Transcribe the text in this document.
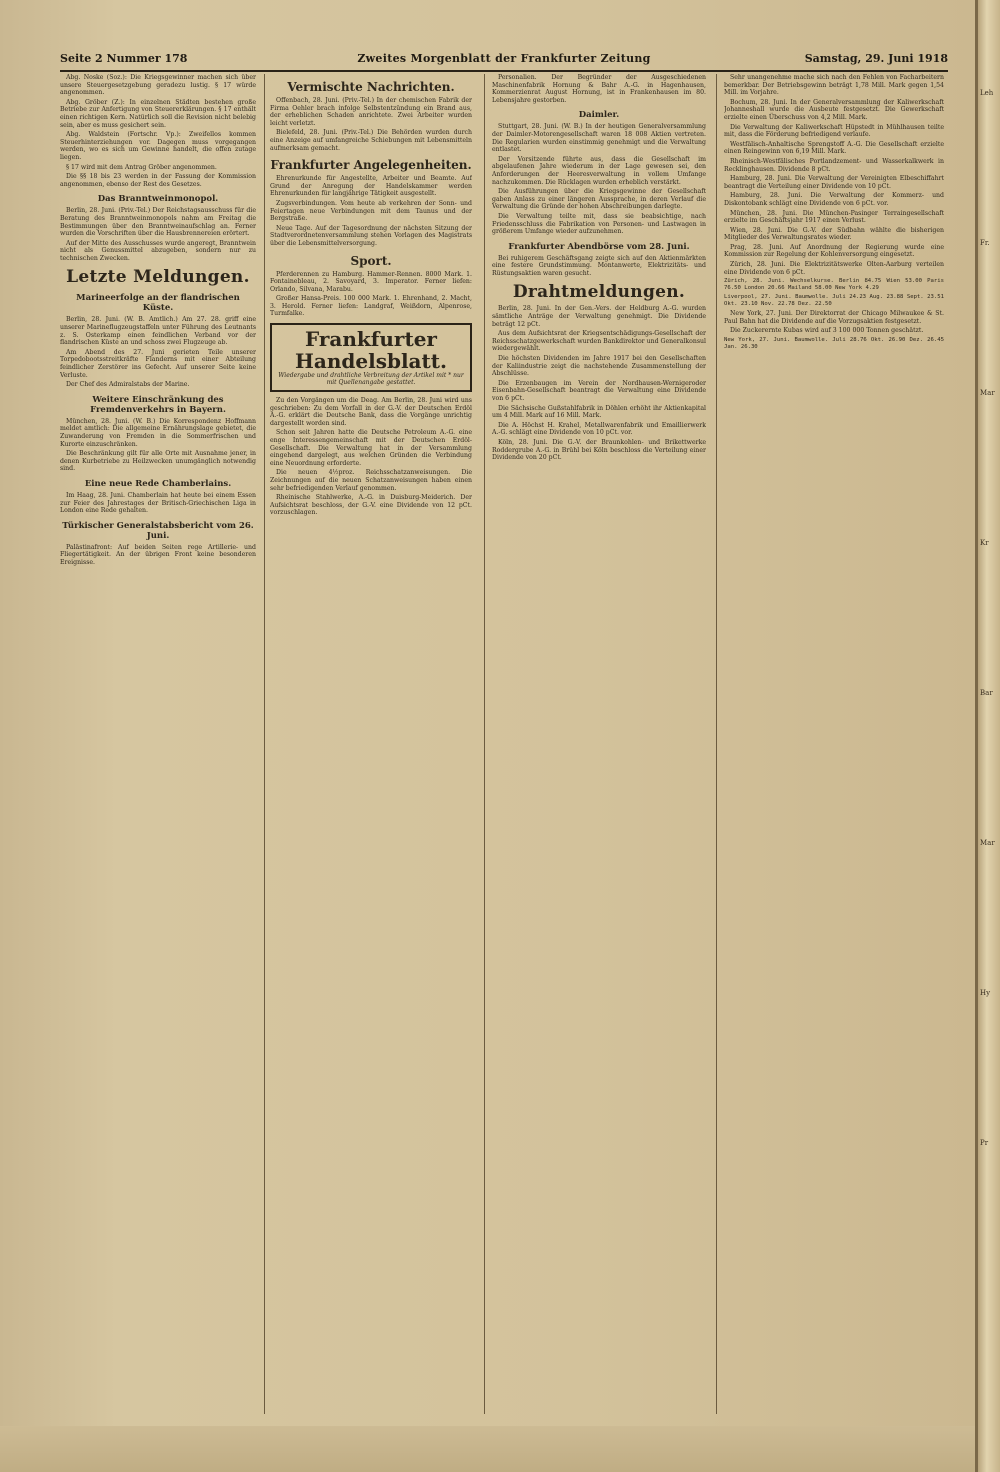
Seite 2 Nummer 178	Zweites Morgenblatt der Frankfurter Zeitung	Samstag, 29. Juni 1918

Abg. Noske (Soz.): Die Kriegsgewinner machen sich über unsere Steuergesetzgebung geradezu lustig. § 17 würde angenommen.

Abg. Gröber (Z.): In einzelnen Städten bestehen große Betriebe zur Anfertigung von Steuererklärungen. § 17 enthält einen richtigen Kern. Natürlich soll die Revision nicht belebig sein, aber es muss gesichert sein.

Abg. Waldstein (Fortschr. Vp.): Zweifellos kommen Steuerhinterziehungen vor. Dagegen muss vorgegangen werden, wo es sich um Gewinne handelt, die offen zutage liegen.

§ 17 wird mit dem Antrag Gröber angenommen.

Die §§ 18 bis 23 werden in der Fassung der Kommission angenommen, ebenso der Rest des Gesetzes.

Das Branntweinmonopol.

Berlin, 28. Juni. (Priv.-Tel.) Der Reichstagsausschuss für die Beratung des Branntweinmonopols nahm am Freitag die Bestimmungen über den Branntweinaufschlag an. Ferner wurden die Vorschriften über die Hausbrennereien erörtert.

Auf der Mitte des Ausschusses wurde angeregt, Branntwein nicht als Genussmittel abzugeben, sondern nur zu technischen Zwecken.

Letzte Meldungen.
Marineerfolge an der flandrischen Küste.

Berlin, 28. Juni. (W. B. Amtlich.) Am 27. 28. griff eine unserer Marineflugzeugstaffeln unter Führung des Leutnants z. S. Osterkamp einen feindlichen Verband vor der flandrischen Küste an und schoss zwei Flugzeuge ab.

Am Abend des 27. Juni gerieten Teile unserer Torpedobootsstreitkräfte Flanderns mit einer Abteilung feindlicher Zerstörer ins Gefecht. Auf unserer Seite keine Verluste.

Der Chef des Admiralstabs der Marine.

Weitere Einschränkung des Fremdenverkehrs in Bayern.

München, 28. Juni. (W. B.) Die Korrespondenz Hoffmann meldet amtlich: Die allgemeine Ernährungslage gebietet, die Zuwanderung von Fremden in die Sommerfrischen und Kurorte einzuschränken.

Die Beschränkung gilt für alle Orte mit Ausnahme jener, in denen Kurbetriebe zu Heilzwecken unumgänglich notwendig sind.

Eine neue Rede Chamberlains.

Im Haag, 28. Juni. Chamberlain hat heute bei einem Essen zur Feier des Jahrestages der Britisch-Griechischen Liga in London eine Rede gehalten.

Türkischer Generalstabsbericht vom 26. Juni.

Palästinafront: Auf beiden Seiten rege Artillerie- und Fliegertätigkeit. An der übrigen Front keine besonderen Ereignisse.

Vermischte Nachrichten.

Offenbach, 28. Juni. (Priv.-Tel.) In der chemischen Fabrik der Firma Oehler brach infolge Selbstentzündung ein Brand aus, der erheblichen Schaden anrichtete. Zwei Arbeiter wurden leicht verletzt.

Bielefeld, 28. Juni. (Priv.-Tel.) Die Behörden wurden durch eine Anzeige auf umfangreiche Schiebungen mit Lebensmitteln aufmerksam gemacht.

Frankfurter Angelegenheiten.

Ehrenurkunde für Angestellte, Arbeiter und Beamte. Auf Grund der Anregung der Handelskammer werden Ehrenurkunden für langjährige Tätigkeit ausgestellt.

Zugsverbindungen. Vom heute ab verkehren der Sonn- und Feiertagen neue Verbindungen mit dem Taunus und der Bergstraße.

Neue Tage. Auf der Tagesordnung der nächsten Sitzung der Stadtverordnetenversammlung stehen Vorlagen des Magistrats über die Lebensmittelversorgung.

Sport.

Pferderennen zu Hamburg. Hammer-Rennen. 8000 Mark. 1. Fontainebleau, 2. Savoyard, 3. Imperator. Ferner liefen: Orlando, Silvana, Marabu.

Großer Hansa-Preis. 100 000 Mark. 1. Ehrenhand, 2. Macht, 3. Herold. Ferner liefen: Landgraf, Weißdorn, Alpenrose, Turmfalke.

Frankfurter Handelsblatt.
Wiedergabe und drahtliche Verbreitung der Artikel mit * nur mit Quellenangabe gestattet.

Zu den Vorgängen um die Deag. Am Berlin, 28. Juni wird uns geschrieben: Zu dem Vorfall in der G.-V. der Deutschen Erdöl A.-G. erklärt die Deutsche Bank, dass die Vorgänge unrichtig dargestellt worden sind.

Schon seit Jahren hatte die Deutsche Petroleum A.-G. eine enge Interessengemeinschaft mit der Deutschen Erdöl-Gesellschaft. Die Verwaltung hat in der Versammlung eingehend dargelegt, aus welchen Gründen die Verbindung eine Neuordnung erforderte.

Die neuen 4½proz. Reichsschatzanweisungen. Die Zeichnungen auf die neuen Schatzanweisungen haben einen sehr befriedigenden Verlauf genommen.

Rheinische Stahlwerke, A.-G. in Duisburg-Meiderich. Der Aufsichtsrat beschloss, der G.-V. eine Dividende von 12 pCt. vorzuschlagen.

Personalien. Der Begründer der Ausgeschiedenen Maschinenfabrik Hornung & Bahr A.-G. in Hagenhausen, Kommerzienrat August Hornung, ist in Frankenhausen im 80. Lebensjahre gestorben.

Daimler.

Stuttgart, 28. Juni. (W. B.) In der heutigen Generalversammlung der Daimler-Motorengesellschaft waren 18 008 Aktien vertreten. Die Regularien wurden einstimmig genehmigt und die Verwaltung entlastet.

Der Vorsitzende führte aus, dass die Gesellschaft im abgelaufenen Jahre wiederum in der Lage gewesen sei, den Anforderungen der Heeresverwaltung in vollem Umfange nachzukommen. Die Rücklagen wurden erheblich verstärkt.

Die Ausführungen über die Kriegsgewinne der Gesellschaft gaben Anlass zu einer längeren Aussprache, in deren Verlauf die Verwaltung die Gründe der hohen Abschreibungen darlegte.

Die Verwaltung teilte mit, dass sie beabsichtige, nach Friedensschluss die Fabrikation von Personen- und Lastwagen in größerem Umfange wieder aufzunehmen.

Frankfurter Abendbörse vom 28. Juni.

Bei ruhigerem Geschäftsgang zeigte sich auf den Aktienmärkten eine festere Grundstimmung. Montanwerte, Elektrizitäts- und Rüstungsaktien waren gesucht.

Drahtmeldungen.

Berlin, 28. Juni. In der Gen.-Vers. der Heldburg A.-G. wurden sämtliche Anträge der Verwaltung genehmigt. Die Dividende beträgt 12 pCt.

Aus dem Aufsichtsrat der Kriegsentschädigungs-Gesellschaft der Reichsschatzgewerkschaft wurden Bankdirektor und Generalkonsul wiedergewählt.

Die höchsten Dividenden im Jahre 1917 bei den Gesellschaften der Kaliindustrie zeigt die nachstehende Zusammenstellung der Abschlüsse.

Die Erzenbaugen im Verein der Nordhausen-Wernigeroder Eisenbahn-Gesellschaft beantragt die Verwaltung eine Dividende von 6 pCt.

Die Sächsische Gußstahlfabrik in Döhlen erhöht ihr Aktienkapital um 4 Mill. Mark auf 16 Mill. Mark.

Die A. Höchst H. Krahel, Metallwarenfabrik und Emaillierwerk A.-G. schlägt eine Dividende von 10 pCt. vor.

Köln, 28. Juni. Die G.-V. der Braunkohlen- und Brikettwerke Roddergrube A.-G. in Brühl bei Köln beschloss die Verteilung einer Dividende von 20 pCt.

Sehr unangenehme mache sich nach den Fehlen von Facharbeitern bemerkbar. Der Betriebsgewinn beträgt 1,78 Mill. Mark gegen 1,54 Mill. im Vorjahre.

Bochum, 28. Juni. In der Generalversammlung der Kaliwerkschaft Johanneshall wurde die Ausbeute festgesetzt. Die Gewerkschaft erzielte einen Überschuss von 4,2 Mill. Mark.

Die Verwaltung der Kaliwerkschaft Hüpstedt in Mühlhausen teilte mit, dass die Förderung befriedigend verlaufe.

Westfälisch-Anhaltische Sprengstoff A.-G. Die Gesellschaft erzielte einen Reingewinn von 6,19 Mill. Mark.

Rheinisch-Westfälisches Portlandzement- und Wasserkalkwerk in Recklinghausen. Dividende 8 pCt.

Hamburg, 28. Juni. Die Verwaltung der Vereinigten Elbeschiffahrt beantragt die Verteilung einer Dividende von 10 pCt.

Hamburg, 28. Juni. Die Verwaltung der Kommerz- und Diskontobank schlägt eine Dividende von 6 pCt. vor.

München, 28. Juni. Die München-Pasinger Terraingesellschaft erzielte im Geschäftsjahr 1917 einen Verlust.

Wien, 28. Juni. Die G.-V. der Südbahn wählte die bisherigen Mitglieder des Verwaltungsrates wieder.

Prag, 28. Juni. Auf Anordnung der Regierung wurde eine Kommission zur Regelung der Kohlenversorgung eingesetzt.

Zürich, 28. Juni. Die Elektrizitätswerke Olten-Aarburg verteilen eine Dividende von 6 pCt.

Zürich, 28. Juni. Wechselkurse. Berlin 84.75 Wien 53.00 Paris 76.50 London 20.66 Mailand 58.00 New York 4.29

Liverpool, 27. Juni. Baumwolle. Juli 24.23 Aug. 23.88 Sept. 23.51 Okt. 23.10 Nov. 22.78 Dez. 22.50

New York, 27. Juni. Der Direktorrat der Chicago Milwaukee & St. Paul Bahn hat die Dividende auf die Vorzugsaktien festgesetzt.

Die Zuckerernte Kubas wird auf 3 100 000 Tonnen geschätzt.

New York, 27. Juni. Baumwolle. Juli 28.76 Okt. 26.90 Dez. 26.45 Jan. 26.30

Leh
Fr.
Mar
Kr
Bar
Mar
Hy
Pr
